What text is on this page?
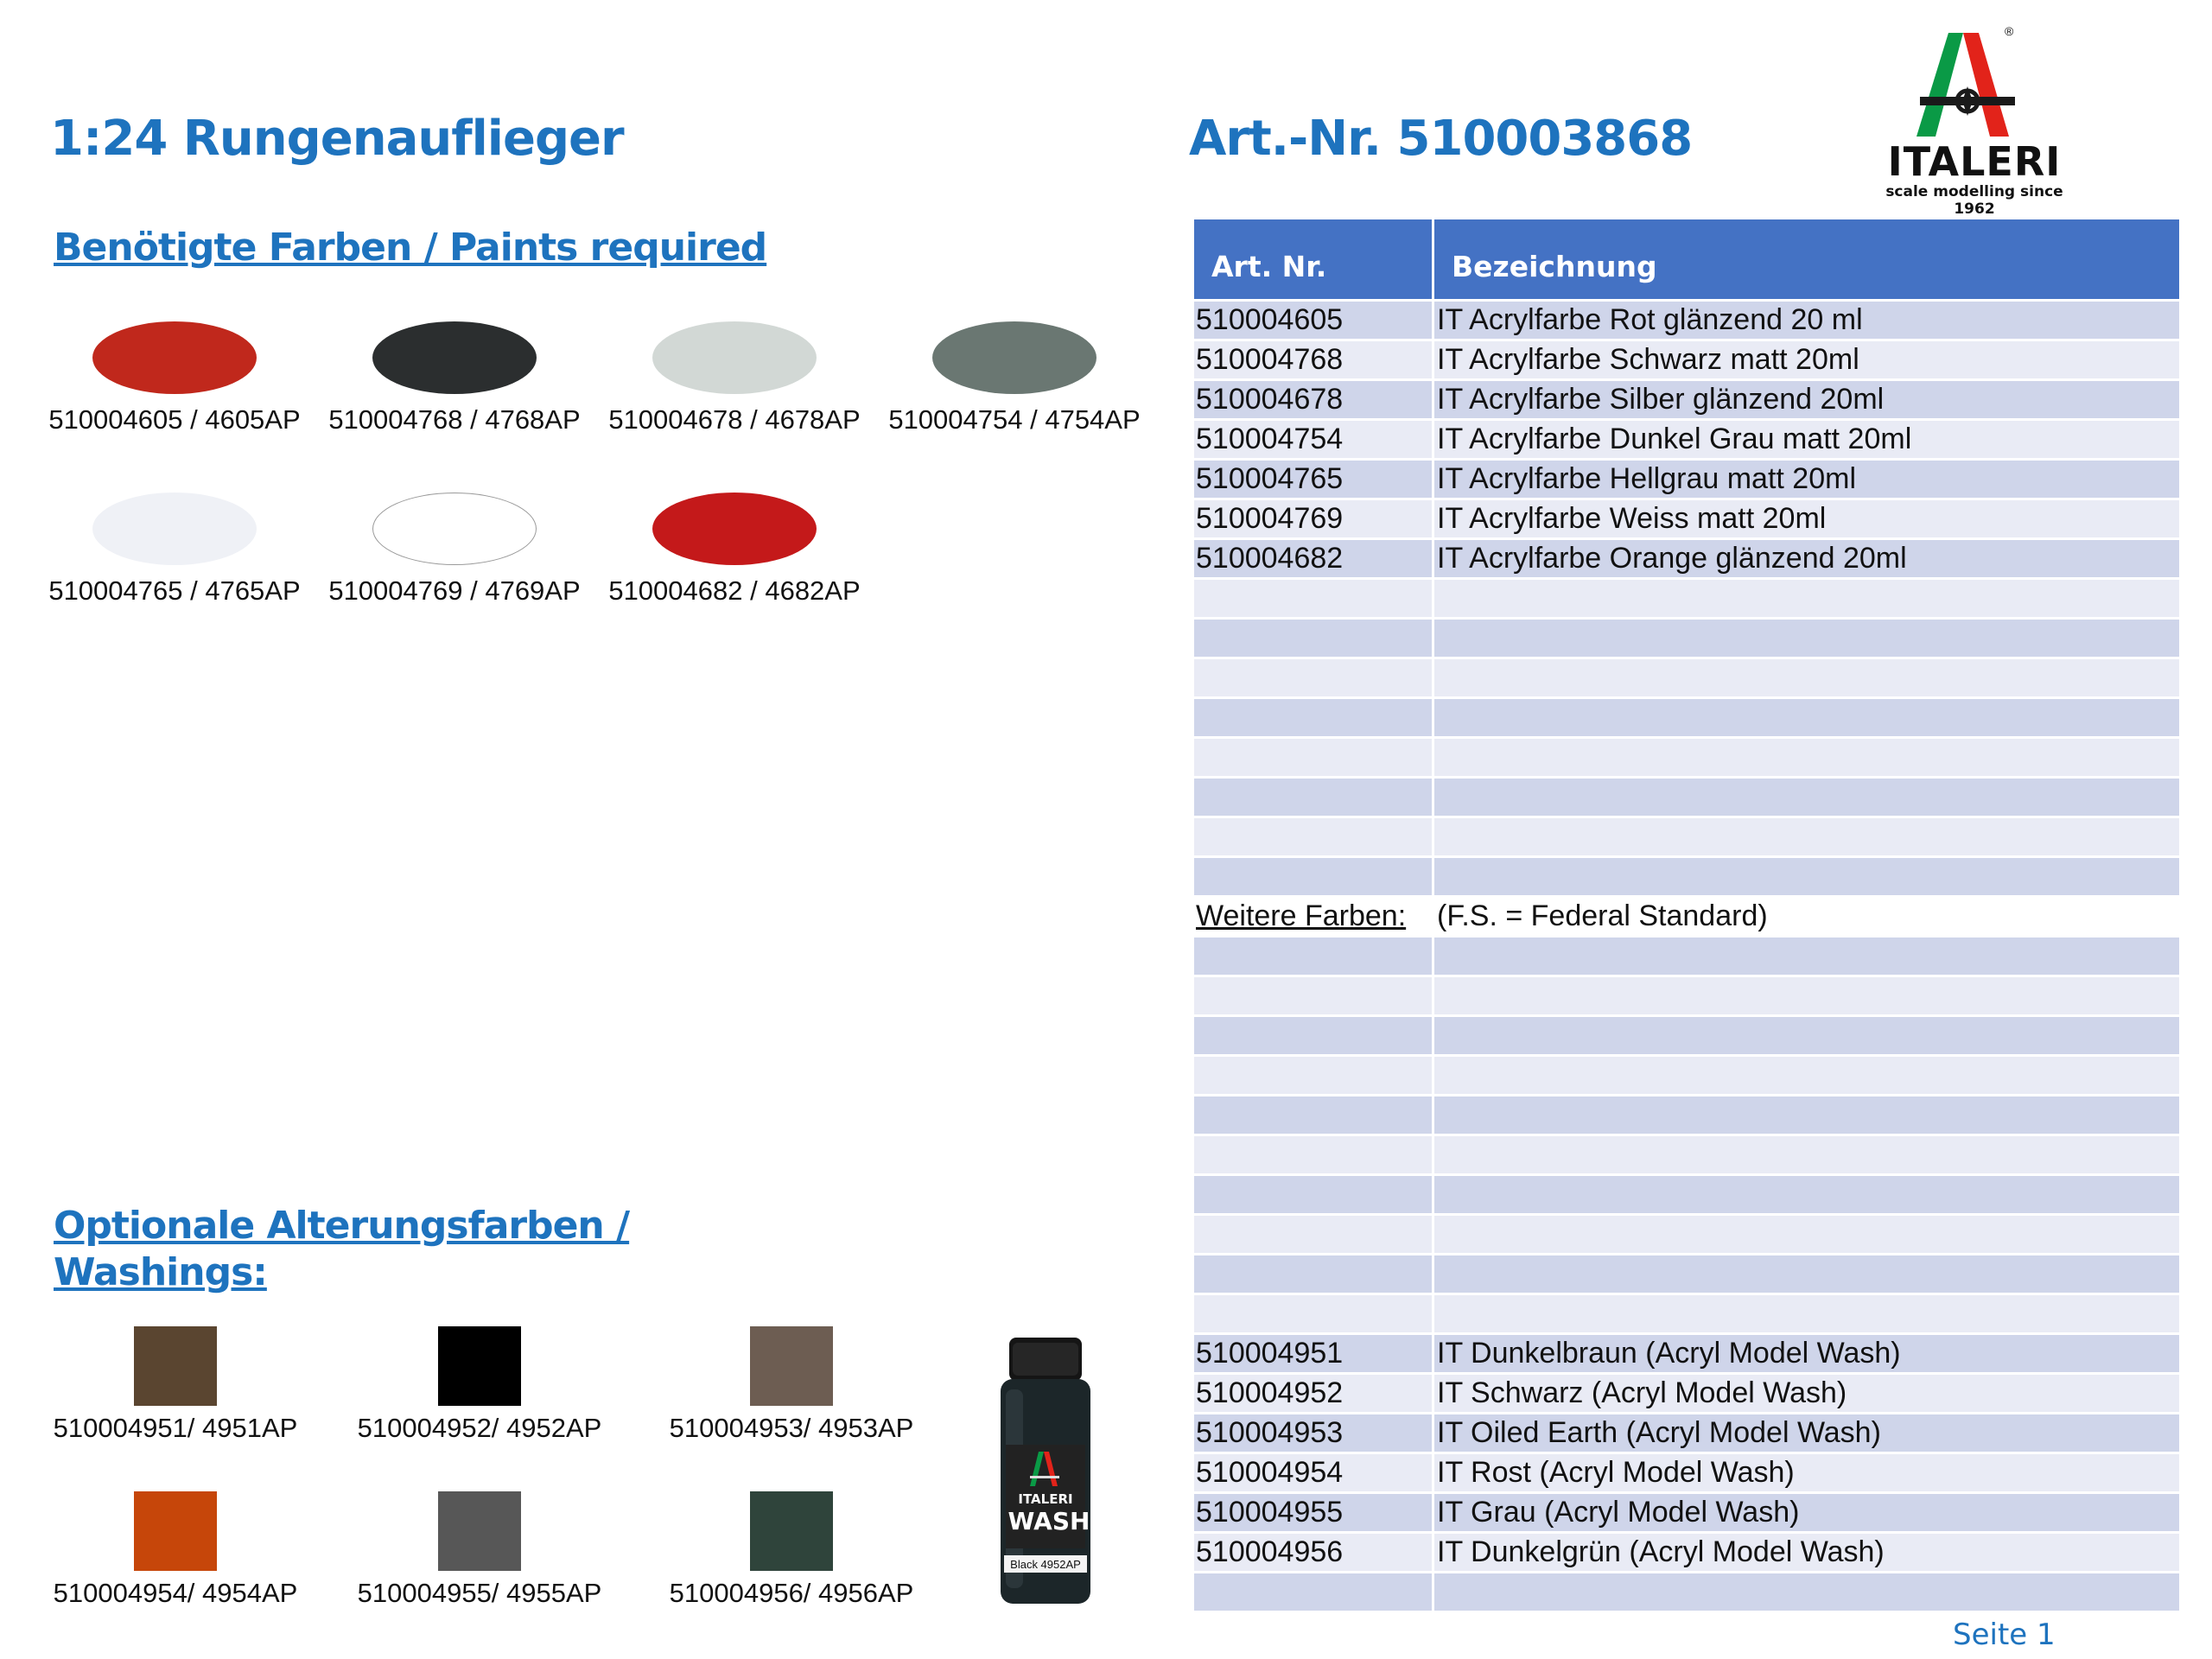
1:24 Rungenauflieger	Art.-Nr. 510003868
®
ITALERI
scale modelling since 1962
Benötigte Farben / Paints required
510004605 / 4605AP	510004768 / 4768AP	510004678 / 4678AP	510004754 / 4754AP
510004765 / 4765AP	510004769 / 4769AP	510004682 / 4682AP
Optionale Alterungsfarben /
Washings:
510004951/ 4951AP	510004952/ 4952AP	510004953/ 4953AP
510004954/ 4954AP	510004955/ 4955AP	510004956/ 4956AP
ITALERI
WASH
Black 4952AP
Art. Nr.	Bezeichnung
510004605	IT Acrylfarbe Rot glänzend 20 ml
510004768	IT Acrylfarbe Schwarz matt 20ml
510004678	IT Acrylfarbe Silber glänzend 20ml
510004754	IT Acrylfarbe Dunkel Grau matt 20ml
510004765	IT Acrylfarbe Hellgrau matt 20ml
510004769	IT Acrylfarbe Weiss matt 20ml
510004682	IT Acrylfarbe Orange glänzend 20ml
Weitere Farben:	(F.S. = Federal Standard)
510004951	IT Dunkelbraun (Acryl Model Wash)
510004952	IT Schwarz (Acryl Model Wash)
510004953	IT Oiled Earth (Acryl Model Wash)
510004954	IT Rost (Acryl Model Wash)
510004955	IT Grau (Acryl Model Wash)
510004956	IT Dunkelgrün (Acryl Model Wash)
Seite 1
